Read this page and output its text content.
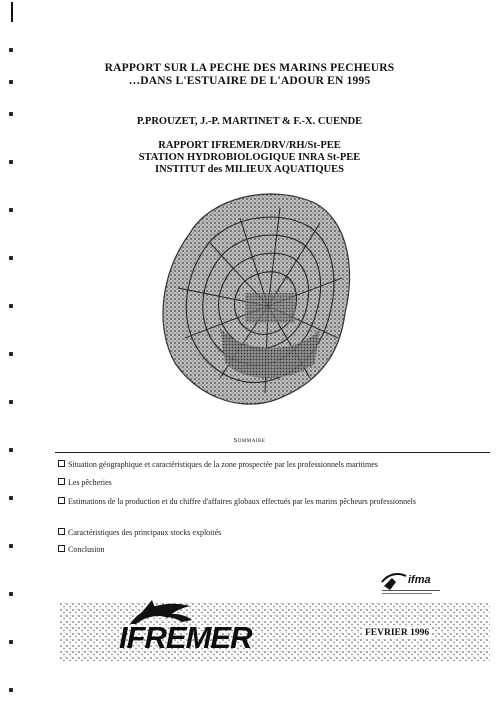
RAPPORT SUR LA PECHE DES MARINS PECHEURS
…DANS L'ESTUAIRE DE L'ADOUR EN 1995
P.PROUZET, J.-P. MARTINET & F.-X. CUENDE
RAPPORT IFREMER/DRV/RH/St-PEE
STATION HYDROBIOLOGIQUE INRA St-PEE
INSTITUT des MILIEUX AQUATIQUES
Sommaire
Situation géographique et caractéristiques de la zone prospectée par les professionnels maritimes
Les pêcheries
Estimations de la production et du chiffre d'affaires globaux effectués par les marins pêcheurs professionnels
Caractéristiques des principaux stocks exploités
Conclusion
ifma
IFREMER	FEVRIER 1996
